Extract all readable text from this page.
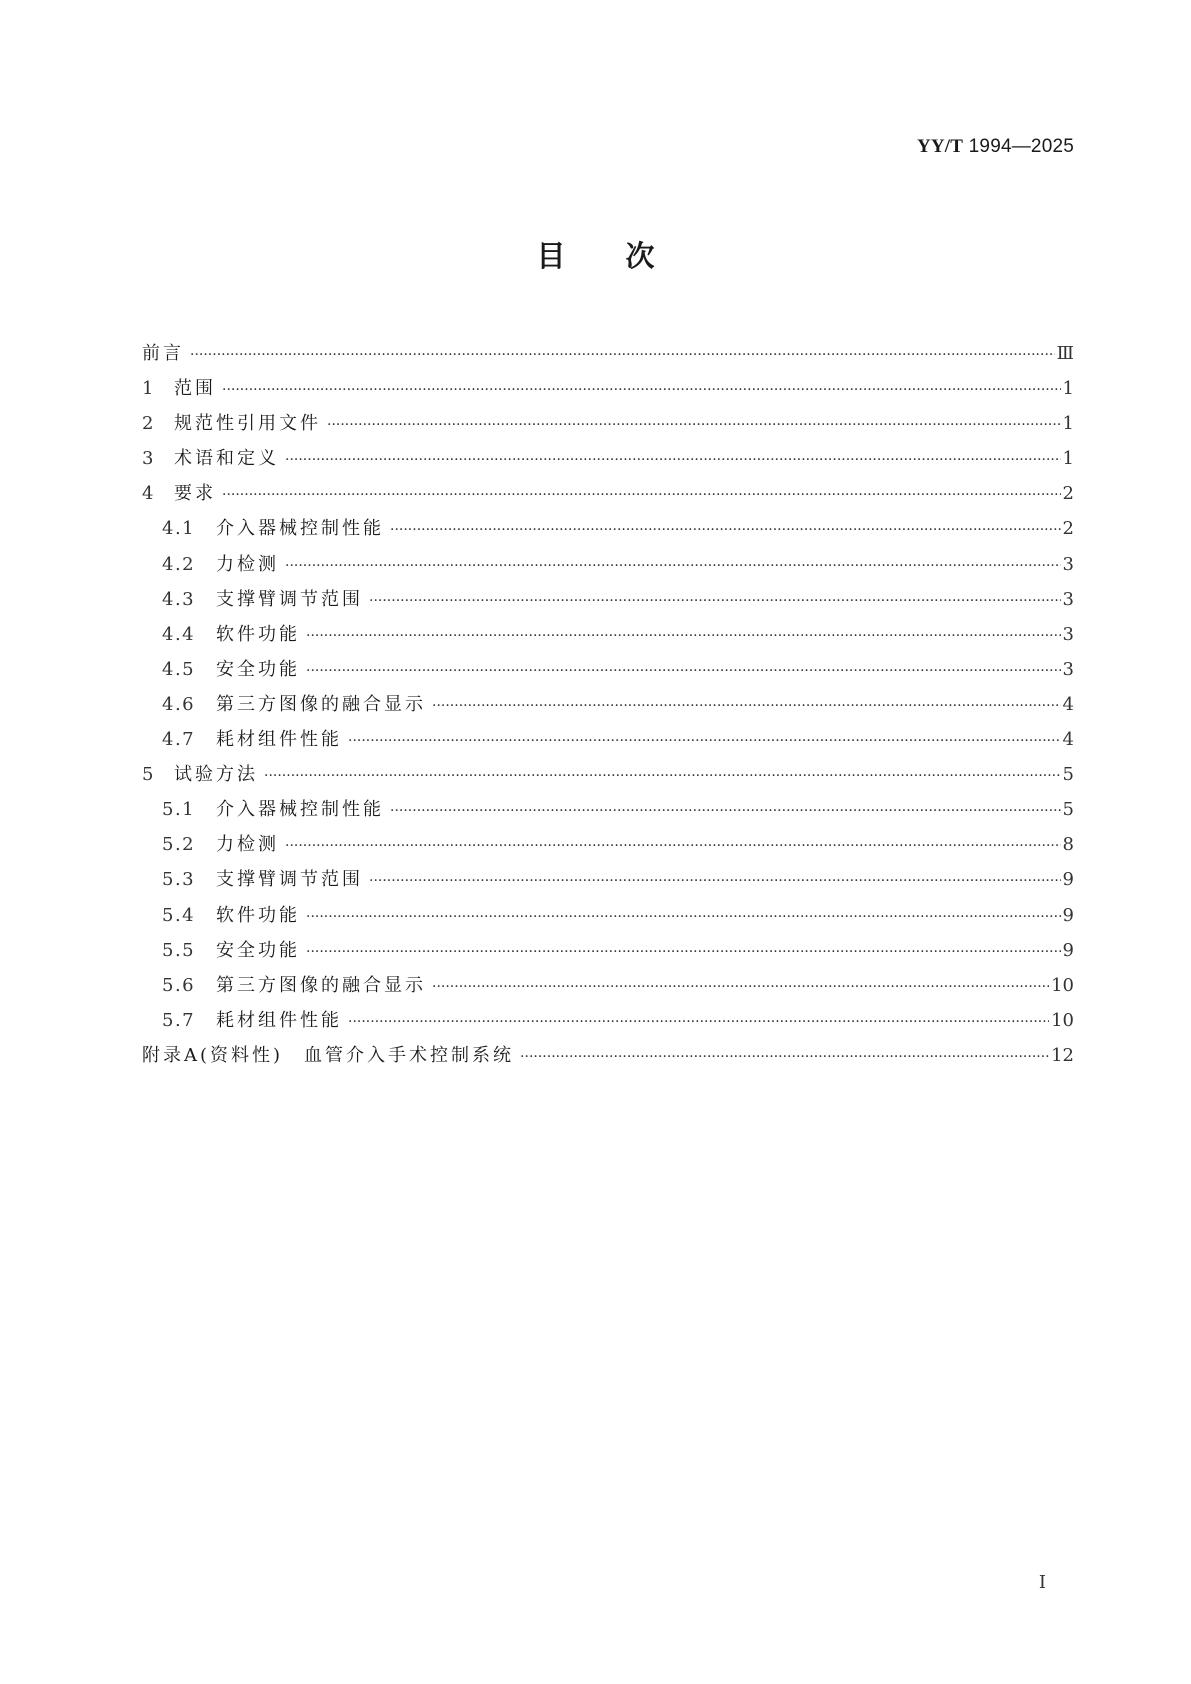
YY/T 1994—2025
目 次
前言 ·····	Ⅲ
1	范围 ·····	1
2	规范性引用文件 ·····	1
3	术语和定义 ·····	1
4	要求 ·····	2
4.1	介入器械控制性能 ·····	2
4.2	力检测 ·····	3
4.3	支撑臂调节范围 ·····	3
4.4	软件功能 ·····	3
4.5	安全功能 ·····	3
4.6	第三方图像的融合显示 ·····	4
4.7	耗材组件性能 ·····	4
5	试验方法 ·····	5
5.1	介入器械控制性能 ·····	5
5.2	力检测 ·····	8
5.3	支撑臂调节范围 ·····	9
5.4	软件功能 ·····	9
5.5	安全功能 ·····	9
5.6	第三方图像的融合显示 ·····	10
5.7	耗材组件性能 ·····	10
附录A(资料性)　血管介入手术控制系统 ·····	12
I
